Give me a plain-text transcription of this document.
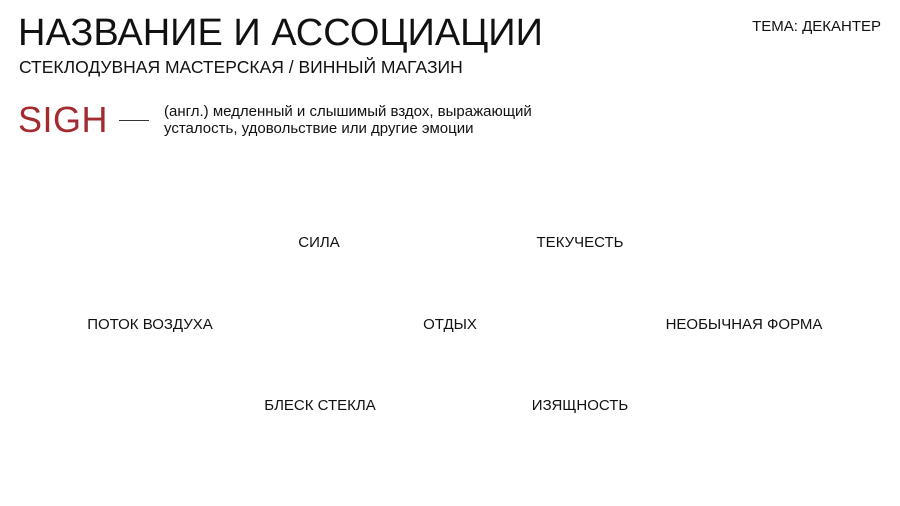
НАЗВАНИЕ И АССОЦИАЦИИ
СТЕКЛОДУВНАЯ МАСТЕРСКАЯ / ВИННЫЙ МАГАЗИН
ТЕМА: ДЕКАНТЕР
SIGH	(англ.) медленный и слышимый вздох, выражающий
усталость, удовольствие или другие эмоции
СИЛА	ТЕКУЧЕСТЬ
ПОТОК ВОЗДУХА	ОТДЫХ	НЕОБЫЧНАЯ ФОРМА
БЛЕСК СТЕКЛА	ИЗЯЩНОСТЬ
